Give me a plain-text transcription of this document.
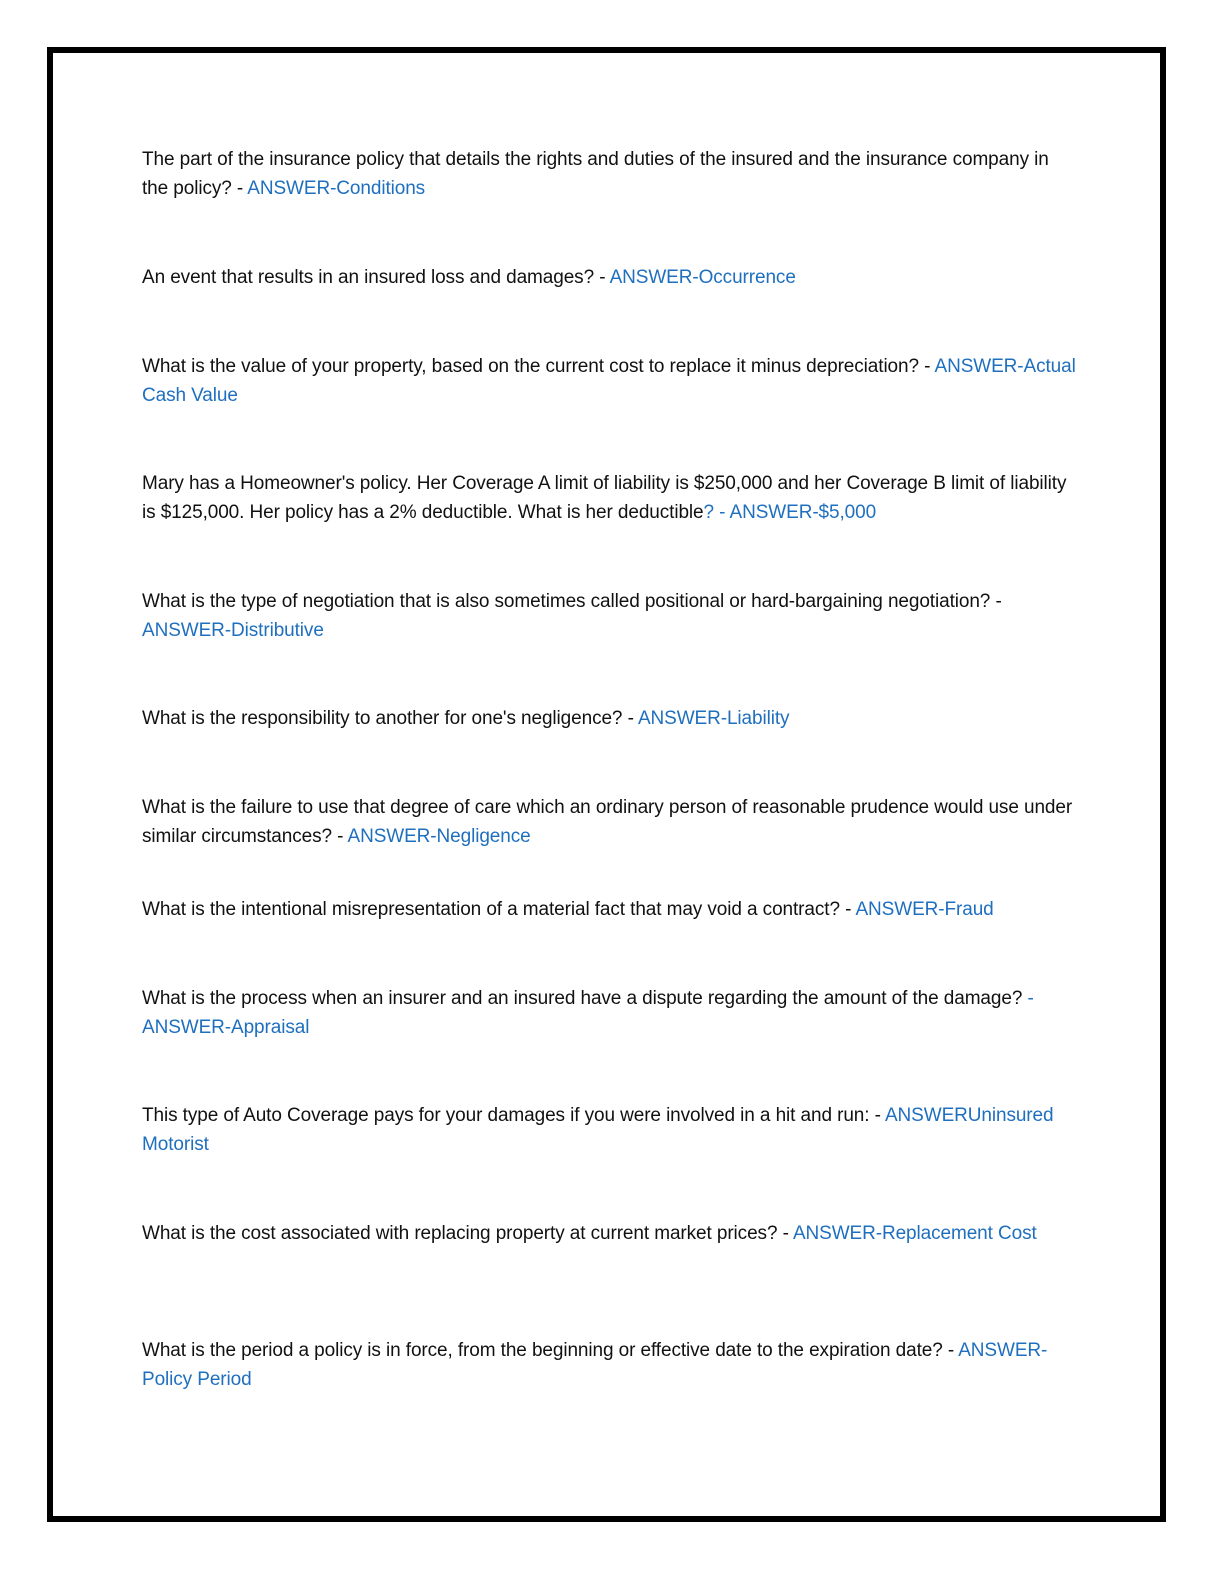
The part of the insurance policy that details the rights and duties of the insured and the insurance company in the policy? - ANSWER-Conditions

An event that results in an insured loss and damages? - ANSWER-Occurrence

What is the value of your property, based on the current cost to replace it minus depreciation? - ANSWER-Actual Cash Value

Mary has a Homeowner's policy. Her Coverage A limit of liability is $250,000 and her Coverage B limit of liability is $125,000. Her policy has a 2% deductible. What is her deductible? - ANSWER-$5,000

What is the type of negotiation that is also sometimes called positional or hard-bargaining negotiation? - ANSWER-Distributive

What is the responsibility to another for one's negligence? - ANSWER-Liability

What is the failure to use that degree of care which an ordinary person of reasonable prudence would use under similar circumstances? - ANSWER-Negligence

What is the intentional misrepresentation of a material fact that may void a contract? - ANSWER-Fraud

What is the process when an insurer and an insured have a dispute regarding the amount of the damage? - ANSWER-Appraisal

This type of Auto Coverage pays for your damages if you were involved in a hit and run: - ANSWERUninsured Motorist

What is the cost associated with replacing property at current market prices? - ANSWER-Replacement Cost

What is the period a policy is in force, from the beginning or effective date to the expiration date? - ANSWER-Policy Period
